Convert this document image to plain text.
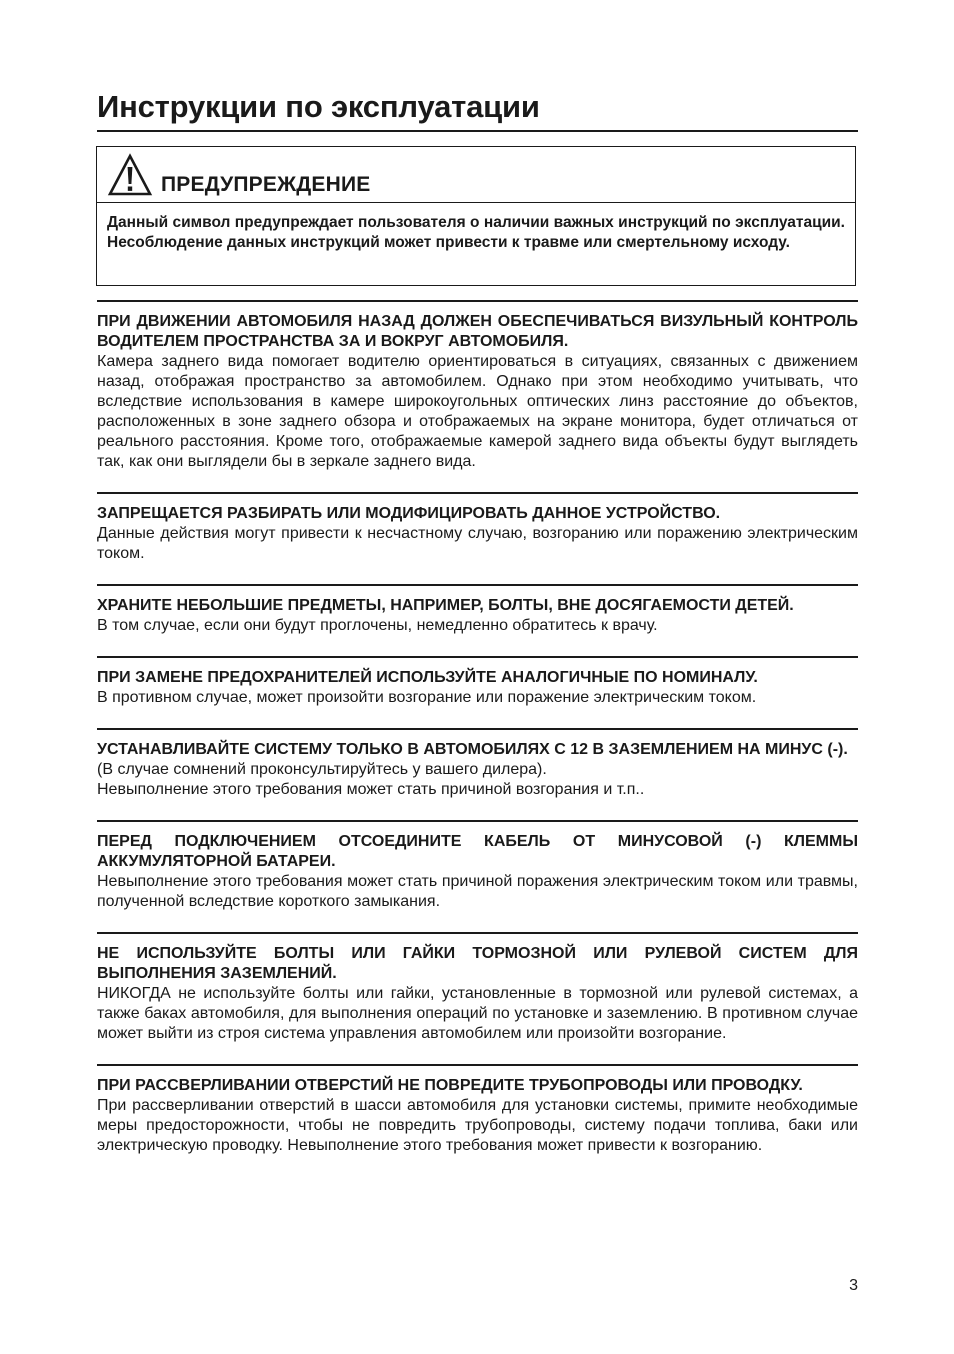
Инструкции по эксплуатации
ПРЕДУПРЕЖДЕНИЕ

Данный символ предупреждает пользователя о наличии важных инструкций по эксплуатации. Несоблюдение данных инструкций может привести к травме или смертельному исходу.

ПРИ ДВИЖЕНИИ АВТОМОБИЛЯ НАЗАД ДОЛЖЕН ОБЕСПЕЧИВАТЬСЯ ВИЗУЛЬНЫЙ КОНТРОЛЬ ВОДИТЕЛЕМ ПРОСТРАНСТВА ЗА И ВОКРУГ АВТОМОБИЛЯ.

Камера заднего вида помогает водителю ориентироваться в ситуациях, связанных с движением назад, отображая пространство за автомобилем. Однако при этом необходимо учитывать, что вследствие использования в камере широкоугольных оптических линз расстояние до объектов, расположенных в зоне заднего обзора и отображаемых на экране монитора, будет отличаться от реального расстояния. Кроме того, отображаемые камерой заднего вида объекты будут выглядеть так, как они выглядели бы в зеркале заднего вида.

ЗАПРЕЩАЕТСЯ РАЗБИРАТЬ ИЛИ МОДИФИЦИРОВАТЬ ДАННОЕ УСТРОЙСТВО.

Данные действия могут привести к несчастному случаю, возгоранию или поражению электрическим током.

ХРАНИТЕ НЕБОЛЬШИЕ ПРЕДМЕТЫ, НАПРИМЕР, БОЛТЫ, ВНЕ ДОСЯГАЕМОСТИ ДЕТЕЙ.

В том случае, если они будут проглочены, немедленно обратитесь к врачу.

ПРИ ЗАМЕНЕ ПРЕДОХРАНИТЕЛЕЙ ИСПОЛЬЗУЙТЕ АНАЛОГИЧНЫЕ ПО НОМИНАЛУ.

В противном случае, может произойти возгорание или поражение электрическим током.

УСТАНАВЛИВАЙТЕ СИСТЕМУ ТОЛЬКО В АВТОМОБИЛЯХ С 12 В ЗАЗЕМЛЕНИЕМ НА МИНУС (-).

(В случае сомнений проконсультируйтесь у вашего дилера).

Невыполнение этого требования может стать причиной возгорания и т.п..

ПЕРЕД ПОДКЛЮЧЕНИЕМ ОТСОЕДИНИТЕ КАБЕЛЬ ОТ МИНУСОВОЙ (-) КЛЕММЫ АККУМУЛЯТОРНОЙ БАТАРЕИ.

Невыполнение этого требования может стать причиной поражения электрическим током или травмы, полученной вследствие короткого замыкания.

НЕ ИСПОЛЬЗУЙТЕ БОЛТЫ ИЛИ ГАЙКИ ТОРМОЗНОЙ ИЛИ РУЛЕВОЙ СИСТЕМ ДЛЯ ВЫПОЛНЕНИЯ ЗАЗЕМЛЕНИЙ.

НИКОГДА не используйте болты или гайки, установленные в тормозной или рулевой системах, а также баках автомобиля, для выполнения операций по установке и заземлению. В противном случае может выйти из строя система управления автомобилем или произойти возгорание.

ПРИ РАССВЕРЛИВАНИИ ОТВЕРСТИЙ НЕ ПОВРЕДИТЕ ТРУБОПРОВОДЫ ИЛИ ПРОВОДКУ.

При рассверливании отверстий в шасси автомобиля для установки системы, примите необходимые меры предосторожности, чтобы не повредить трубопроводы, систему подачи топлива, баки или электрическую проводку. Невыполнение этого требования может привести к возгоранию.

3
